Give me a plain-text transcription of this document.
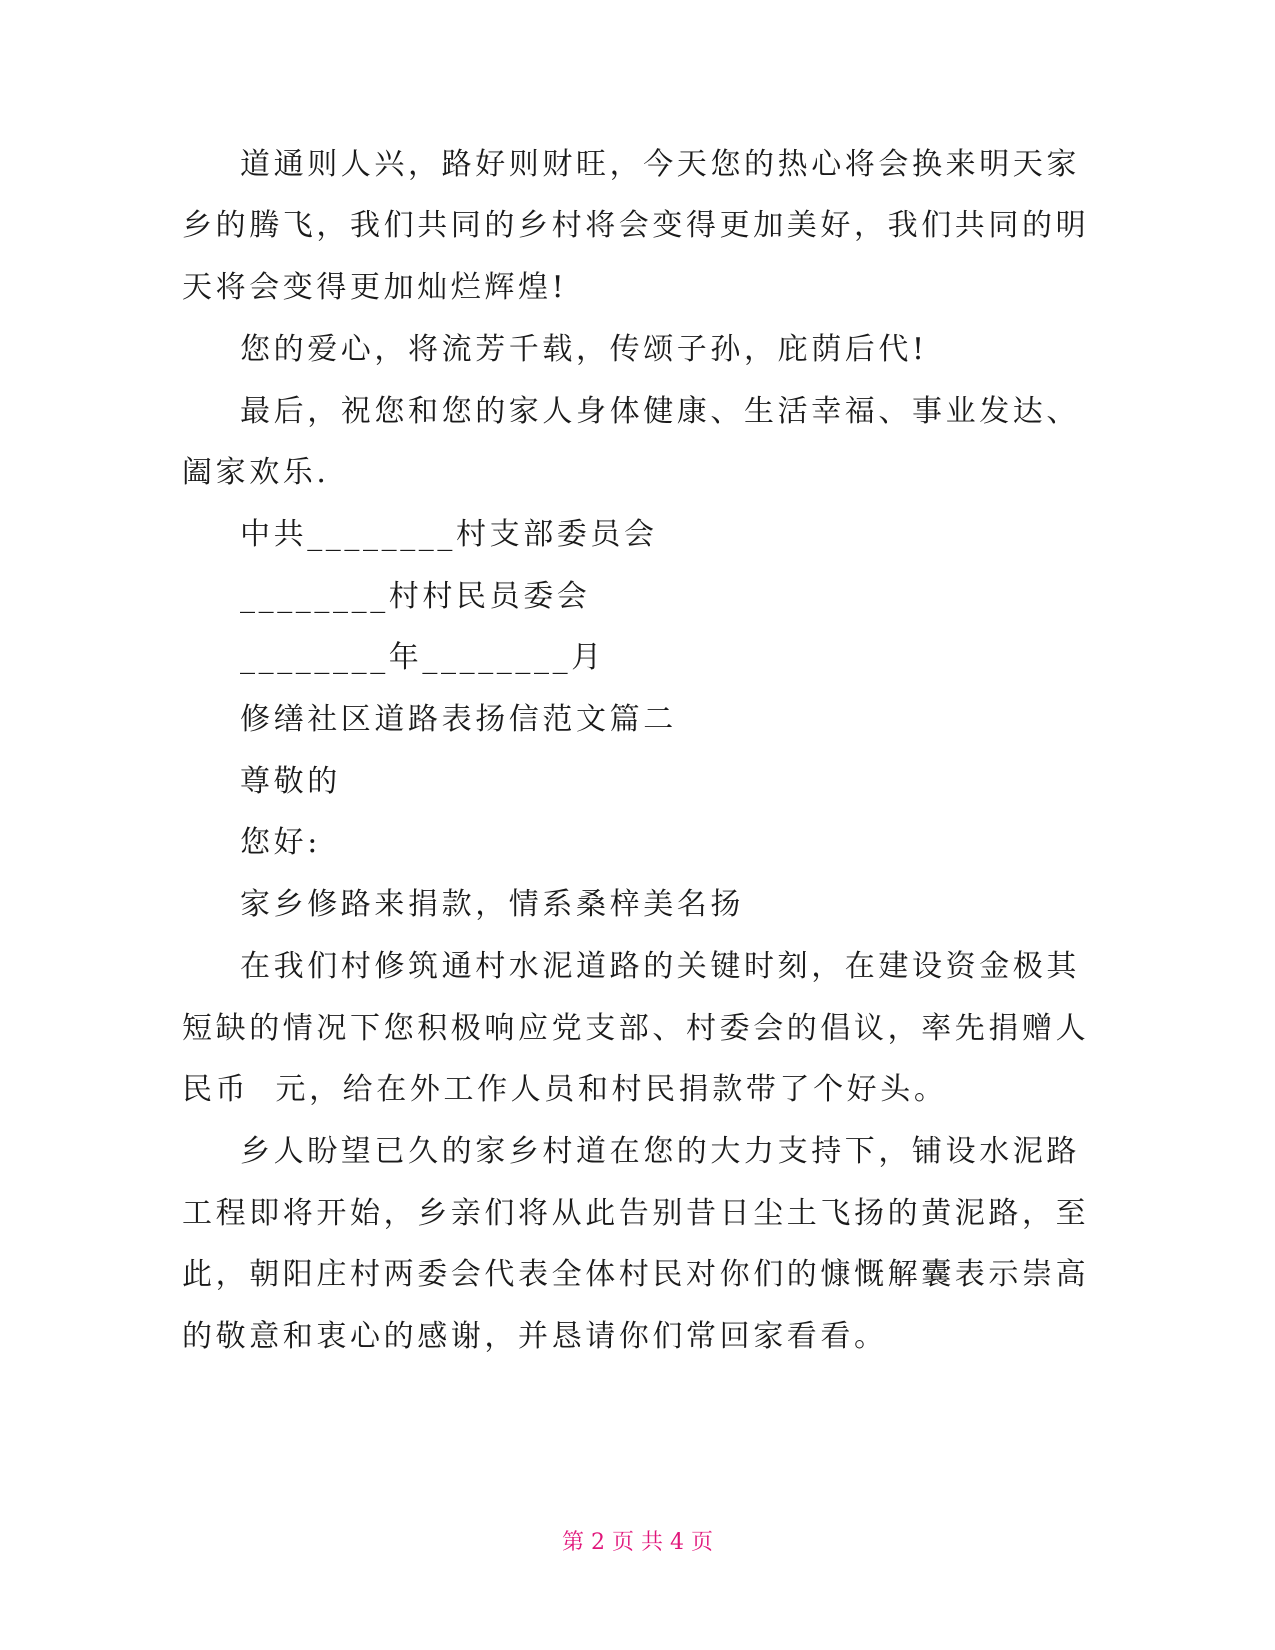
道通则人兴，路好则财旺，今天您的热心将会换来明天家
乡的腾飞，我们共同的乡村将会变得更加美好，我们共同的明
天将会变得更加灿烂辉煌!
您的爱心，将流芳千载，传颂子孙，庇荫后代!
最后，祝您和您的家人身体健康、生活幸福、事业发达、
阖家欢乐.
中共________村支部委员会
________村村民员委会
________年________月
修缮社区道路表扬信范文篇二
尊敬的
您好:
家乡修路来捐款，情系桑梓美名扬
在我们村修筑通村水泥道路的关键时刻，在建设资金极其
短缺的情况下您积极响应党支部、村委会的倡议，率先捐赠人
民币  元，给在外工作人员和村民捐款带了个好头。
乡人盼望已久的家乡村道在您的大力支持下，铺设水泥路
工程即将开始，乡亲们将从此告别昔日尘土飞扬的黄泥路，至
此，朝阳庄村两委会代表全体村民对你们的慷慨解囊表示崇高
的敬意和衷心的感谢，并恳请你们常回家看看。
第 2 页 共 4 页
